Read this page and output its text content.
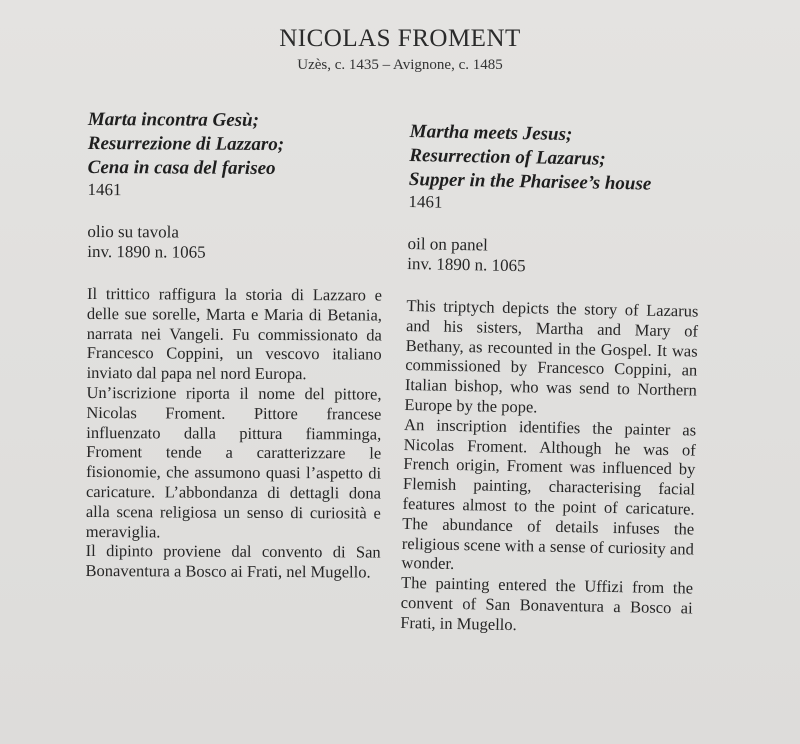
NICOLAS FROMENT
Uzès, c. 1435 – Avignone, c. 1485
Marta incontra Gesù;
Resurrezione di Lazzaro;
Cena in casa del fariseo
1461
olio su tavola
inv. 1890 n. 1065

Il trittico raffigura la storia di Lazzaro e delle sue sorelle, Marta e Maria di Betania, narrata nei Vangeli. Fu commissionato da Francesco Coppini, un vescovo italiano inviato dal papa nel nord Europa.

Un’iscrizione riporta il nome del pittore, Nicolas Froment. Pittore francese influenzato dalla pittura fiamminga, Froment tende a caratterizzare le fisionomie, che assumono quasi l’aspetto di caricature. L’abbondanza di dettagli dona alla scena religiosa un senso di curiosità e meraviglia.

Il dipinto proviene dal convento di San Bonaventura a Bosco ai Frati, nel Mugello.

Martha meets Jesus;
Resurrection of Lazarus;
Supper in the Pharisee’s house
1461
oil on panel
inv. 1890 n. 1065

This triptych depicts the story of Lazarus and his sisters, Martha and Mary of Bethany, as recounted in the Gospel. It was commissioned by Francesco Coppini, an Italian bishop, who was send to Northern Europe by the pope.

An inscription identifies the painter as Nicolas Froment. Although he was of French origin, Froment was influenced by Flemish painting, characterising facial features almost to the point of caricature. The abundance of details infuses the religious scene with a sense of curiosity and wonder.

The painting entered the Uffizi from the convent of San Bonaventura a Bosco ai Frati, in Mugello.
